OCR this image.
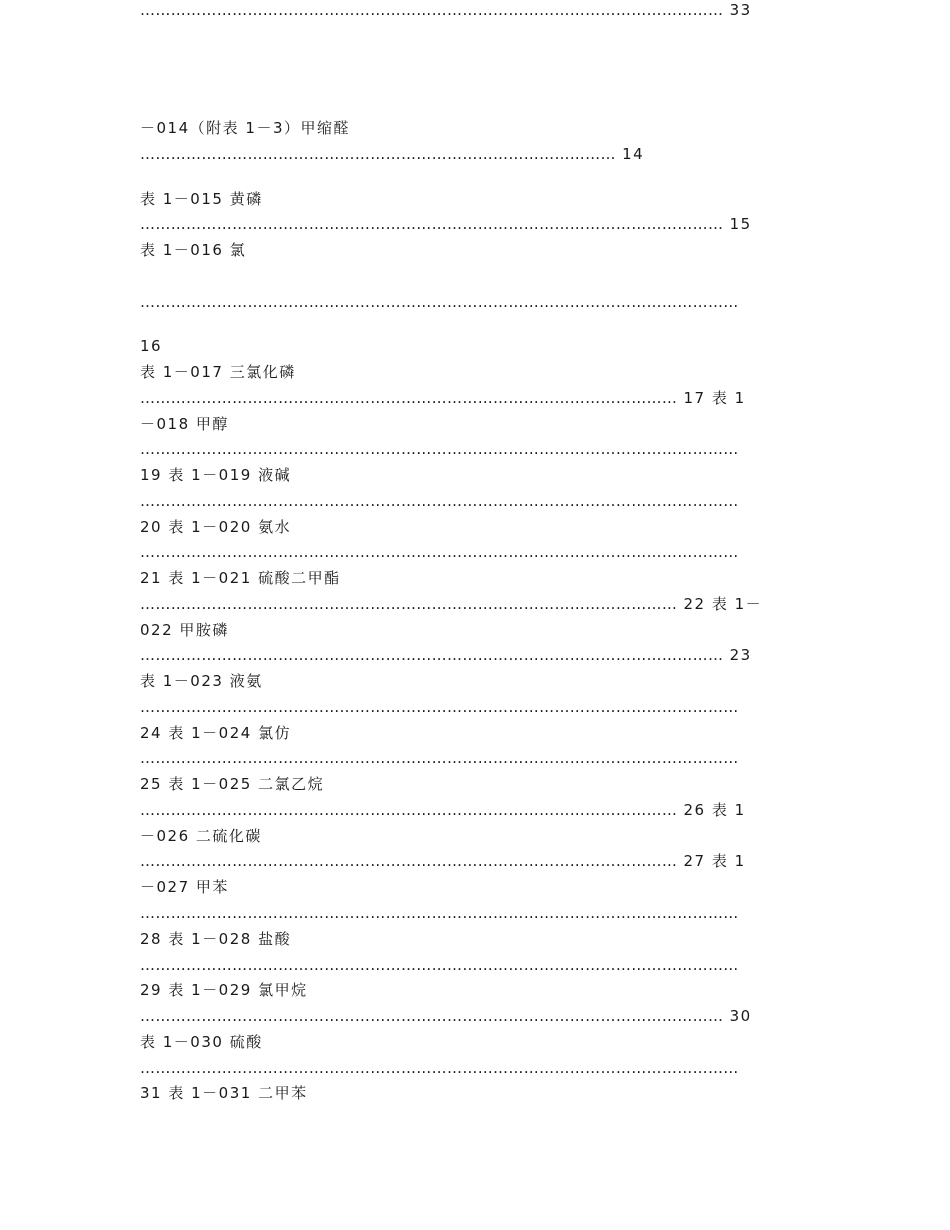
－014（附表 1－3）甲缩醛
………………………………………………………………………………… 14
表 1－015 黄磷
…………………………………………………………………………………………………… 15
表 1－016 氯
………………………………………………………………………………………………………
16
表 1－017 三氯化磷
…………………………………………………………………………………………… 17 表 1
－018 甲醇
………………………………………………………………………………………………………
19 表 1－019 液碱
………………………………………………………………………………………………………
20 表 1－020 氨水
………………………………………………………………………………………………………
21 表 1－021 硫酸二甲酯
…………………………………………………………………………………………… 22 表 1－
022 甲胺磷
…………………………………………………………………………………………………… 23
表 1－023 液氨
………………………………………………………………………………………………………
24 表 1－024 氯仿
………………………………………………………………………………………………………
25 表 1－025 二氯乙烷
…………………………………………………………………………………………… 26 表 1
－026 二硫化碳
…………………………………………………………………………………………… 27 表 1
－027 甲苯
………………………………………………………………………………………………………
28 表 1－028 盐酸
………………………………………………………………………………………………………
29 表 1－029 氯甲烷
…………………………………………………………………………………………………… 30
表 1－030 硫酸
………………………………………………………………………………………………………
31 表 1－031 二甲苯
…………………………………………………………………………………………………… 33
